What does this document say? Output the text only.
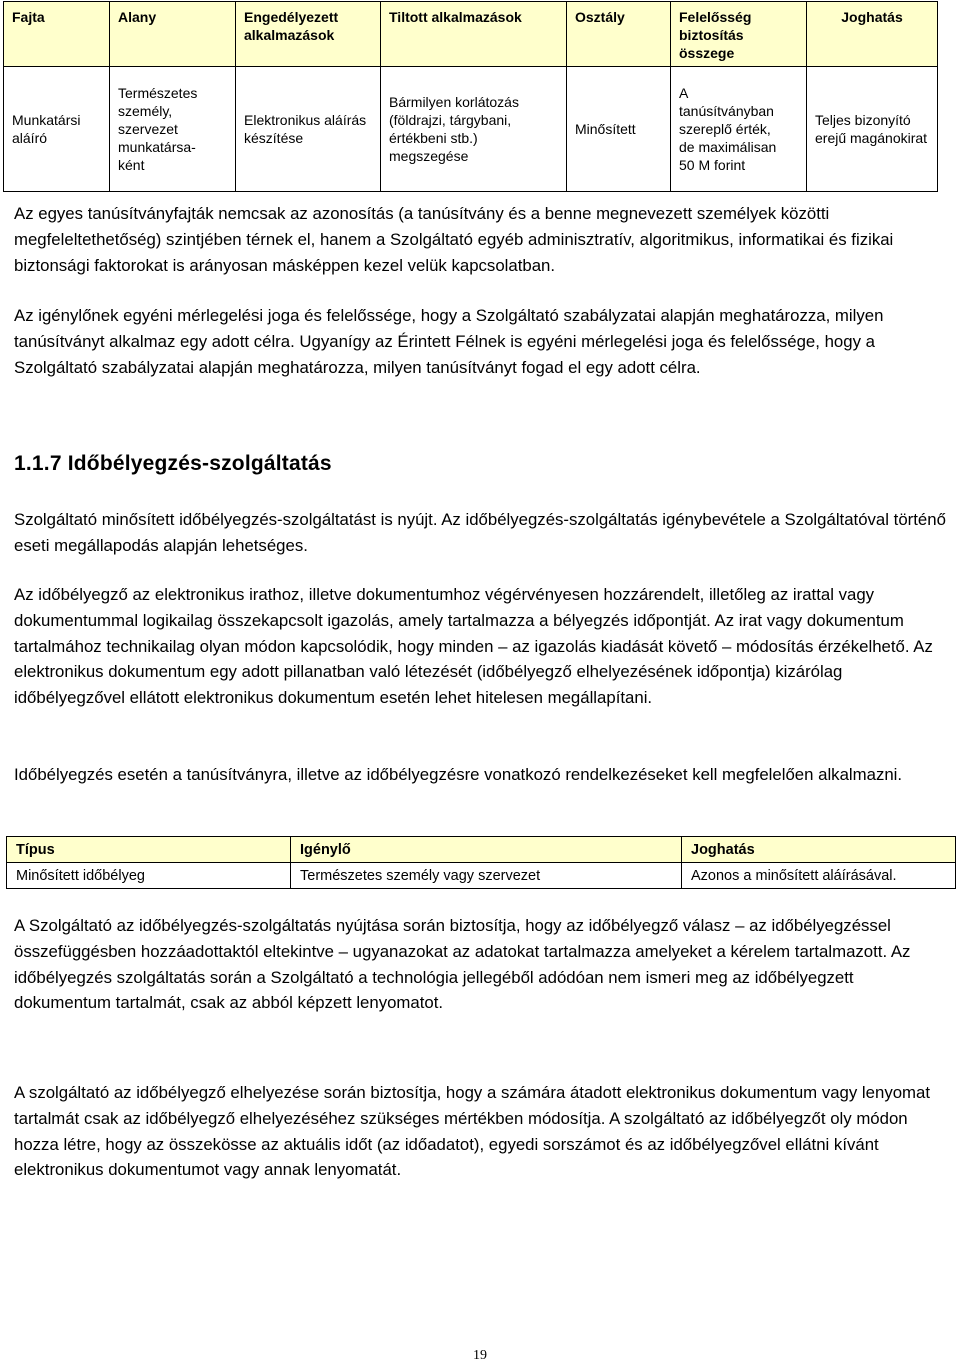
Fajta	Alany	Engedélyezett alkalmazások	Tiltott alkalmazások	Osztály	Felelősség biztosítás összege	Joghatás
Munkatársi aláíró	Természetes
személy,
szervezet
munkatársa-
ként	Elektronikus aláírás készítése	Bármilyen korlátozás (földrajzi, tárgybani, értékbeni stb.) megszegése	Minősített	A
tanúsítványban
szereplő érték,
de maximálisan
50 M forint	Teljes bizonyító erejű magánokirat

Az egyes tanúsítványfajták nemcsak az azonosítás (a tanúsítvány és a benne megnevezett személyek közötti megfeleltethetőség) szintjében térnek el, hanem a Szolgáltató egyéb adminisztratív, algoritmikus, informatikai és fizikai biztonsági faktorokat is arányosan másképpen kezel velük kapcsolatban.

Az igénylőnek egyéni mérlegelési joga és felelőssége, hogy a Szolgáltató szabályzatai alapján meghatározza, milyen tanúsítványt alkalmaz egy adott célra. Ugyanígy az Érintett Félnek is egyéni mérlegelési joga és felelőssége, hogy a Szolgáltató szabályzatai alapján meghatározza, milyen tanúsítványt fogad el egy adott célra.

1.1.7 Időbélyegzés-szolgáltatás

Szolgáltató minősített időbélyegzés-szolgáltatást is nyújt. Az időbélyegzés-szolgáltatás igénybevétele a Szolgáltatóval történő eseti megállapodás alapján lehetséges.

Az időbélyegző az elektronikus irathoz, illetve dokumentumhoz végérvényesen hozzárendelt, illetőleg az irattal vagy dokumentummal logikailag összekapcsolt igazolás, amely tartalmazza a bélyegzés időpontját. Az irat vagy dokumentum tartalmához technikailag olyan módon kapcsolódik, hogy minden – az igazolás kiadását követő – módosítás érzékelhető. Az elektronikus dokumentum egy adott pillanatban való létezését (időbélyegző elhelyezésének időpontja) kizárólag időbélyegzővel ellátott elektronikus dokumentum esetén lehet hitelesen megállapítani.

Időbélyegzés esetén a tanúsítványra, illetve az időbélyegzésre vonatkozó rendelkezéseket kell megfelelően alkalmazni.

Típus	Igénylő	Joghatás
Minősített időbélyeg	Természetes személy vagy szervezet	Azonos a minősített aláírásával.

A Szolgáltató az időbélyegzés-szolgáltatás nyújtása során biztosítja, hogy az időbélyegző válasz – az időbélyegzéssel összefüggésben hozzáadottaktól eltekintve – ugyanazokat az adatokat tartalmazza amelyeket a kérelem tartalmazott. Az időbélyegzés szolgáltatás során a Szolgáltató a technológia jellegéből adódóan nem ismeri meg az időbélyegzett dokumentum tartalmát, csak az abból képzett lenyomatot.

A szolgáltató az időbélyegző elhelyezése során biztosítja, hogy a számára átadott elektronikus dokumentum vagy lenyomat tartalmát csak az időbélyegző elhelyezéséhez szükséges mértékben módosítja. A szolgáltató az időbélyegzőt oly módon hozza létre, hogy az összekösse az aktuális időt (az időadatot), egyedi sorszámot és az időbélyegzővel ellátni kívánt elektronikus dokumentumot vagy annak lenyomatát.

19
